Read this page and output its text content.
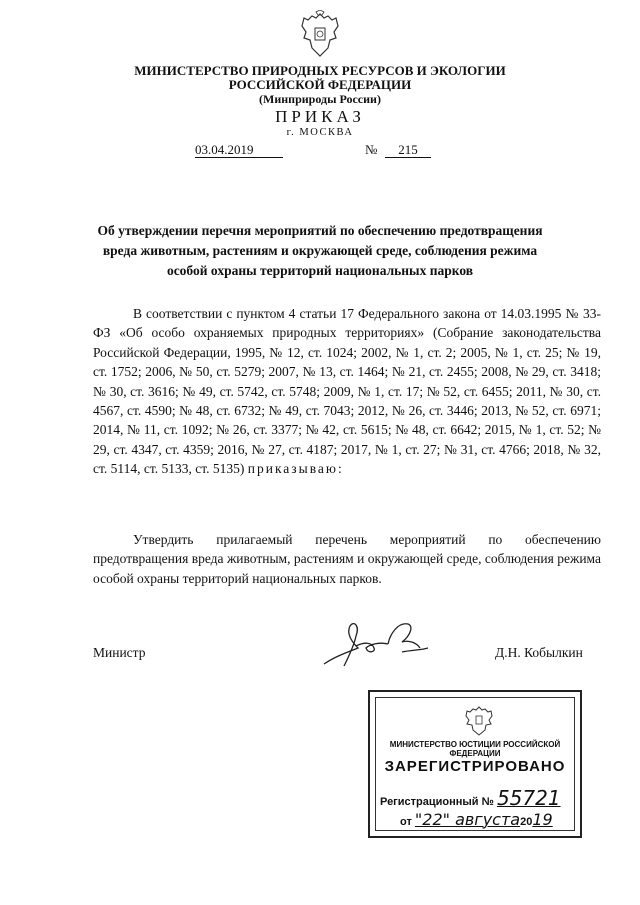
МИНИСТЕРСТВО ПРИРОДНЫХ РЕСУРСОВ И ЭКОЛОГИИ
РОССИЙСКОЙ ФЕДЕРАЦИИ
(Минприроды России)
ПРИКАЗ
г. МОСКВА
03.04.2019	№	215
Об утверждении перечня мероприятий по обеспечению предотвращения
вреда животным, растениям и окружающей среде, соблюдения режима
особой охраны территорий национальных парков

В соответствии с пунктом 4 статьи 17 Федерального закона от 14.03.1995 № 33-ФЗ «Об особо охраняемых природных территориях» (Собрание законодательства Российской Федерации, 1995, № 12, ст. 1024; 2002, № 1, ст. 2; 2005, № 1, ст. 25; № 19, ст. 1752; 2006, № 50, ст. 5279; 2007, № 13, ст. 1464; № 21, ст. 2455; 2008, № 29, ст. 3418; № 30, ст. 3616; № 49, ст. 5742, ст. 5748; 2009, № 1, ст. 17; № 52, ст. 6455; 2011, № 30, ст. 4567, ст. 4590; № 48, ст. 6732; № 49, ст. 7043; 2012, № 26, ст. 3446; 2013, № 52, ст. 6971; 2014, № 11, ст. 1092; № 26, ст. 3377; № 42, ст. 5615; № 48, ст. 6642; 2015, № 1, ст. 52; № 29, ст. 4347, ст. 4359; 2016, № 27, ст. 4187; 2017, № 1, ст. 27; № 31, ст. 4766; 2018, № 32, ст. 5114, ст. 5133, ст. 5135) приказываю:

Утвердить прилагаемый перечень мероприятий по обеспечению предотвращения вреда животным, растениям и окружающей среде, соблюдения режима особой охраны территорий национальных парков.

Министр	Д.Н. Кобылкин
МИНИСТЕРСТВО ЮСТИЦИИ РОССИЙСКОЙ ФЕДЕРАЦИИ
ЗАРЕГИСТРИРОВАНО
Регистрационный № 55721
от "22" августа2019
